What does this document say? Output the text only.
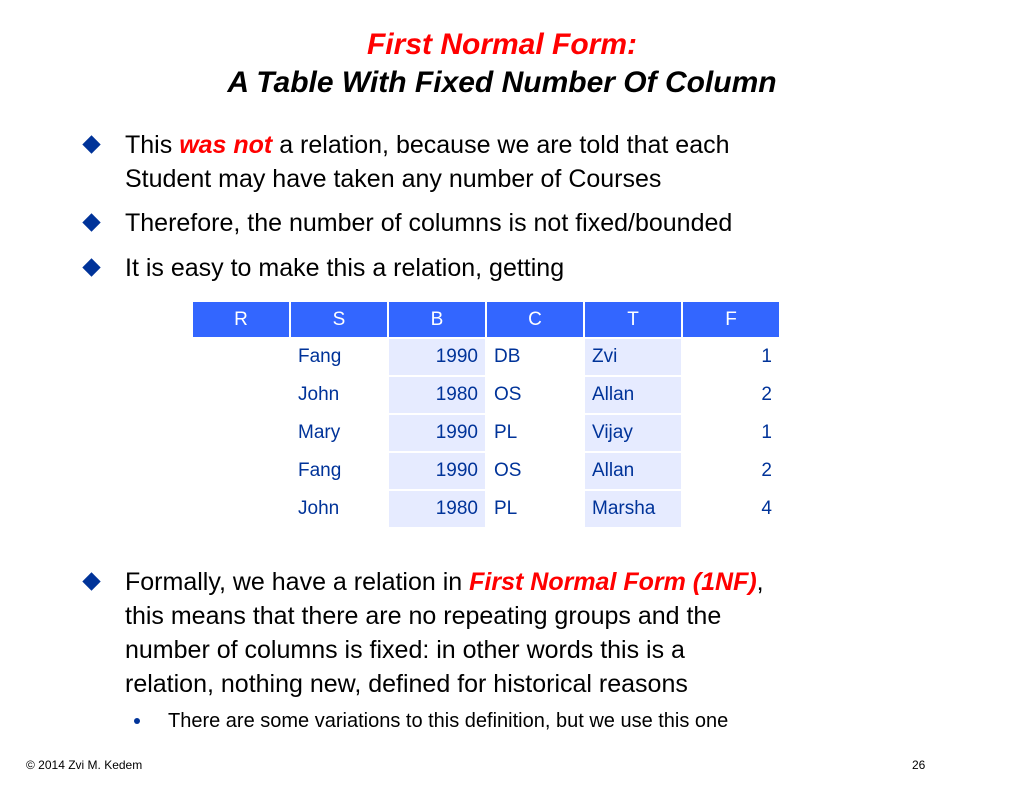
First Normal Form:
A Table With Fixed Number Of Column
This was not a relation, because we are told that each
Student may have taken any number of Courses
Therefore, the number of columns is not fixed/bounded
It is easy to make this a relation, getting
R	S	B	C	T	F
	Fang	1990	DB	Zvi	1
	John	1980	OS	Allan	2
	Mary	1990	PL	Vijay	1
	Fang	1990	OS	Allan	2
	John	1980	PL	Marsha	4
Formally, we have a relation in First Normal Form (1NF),
this means that there are no repeating groups and the
number of columns is fixed: in other words this is a
relation, nothing new, defined for historical reasons
There are some variations to this definition, but we use this one
© 2014 Zvi M. Kedem	26
